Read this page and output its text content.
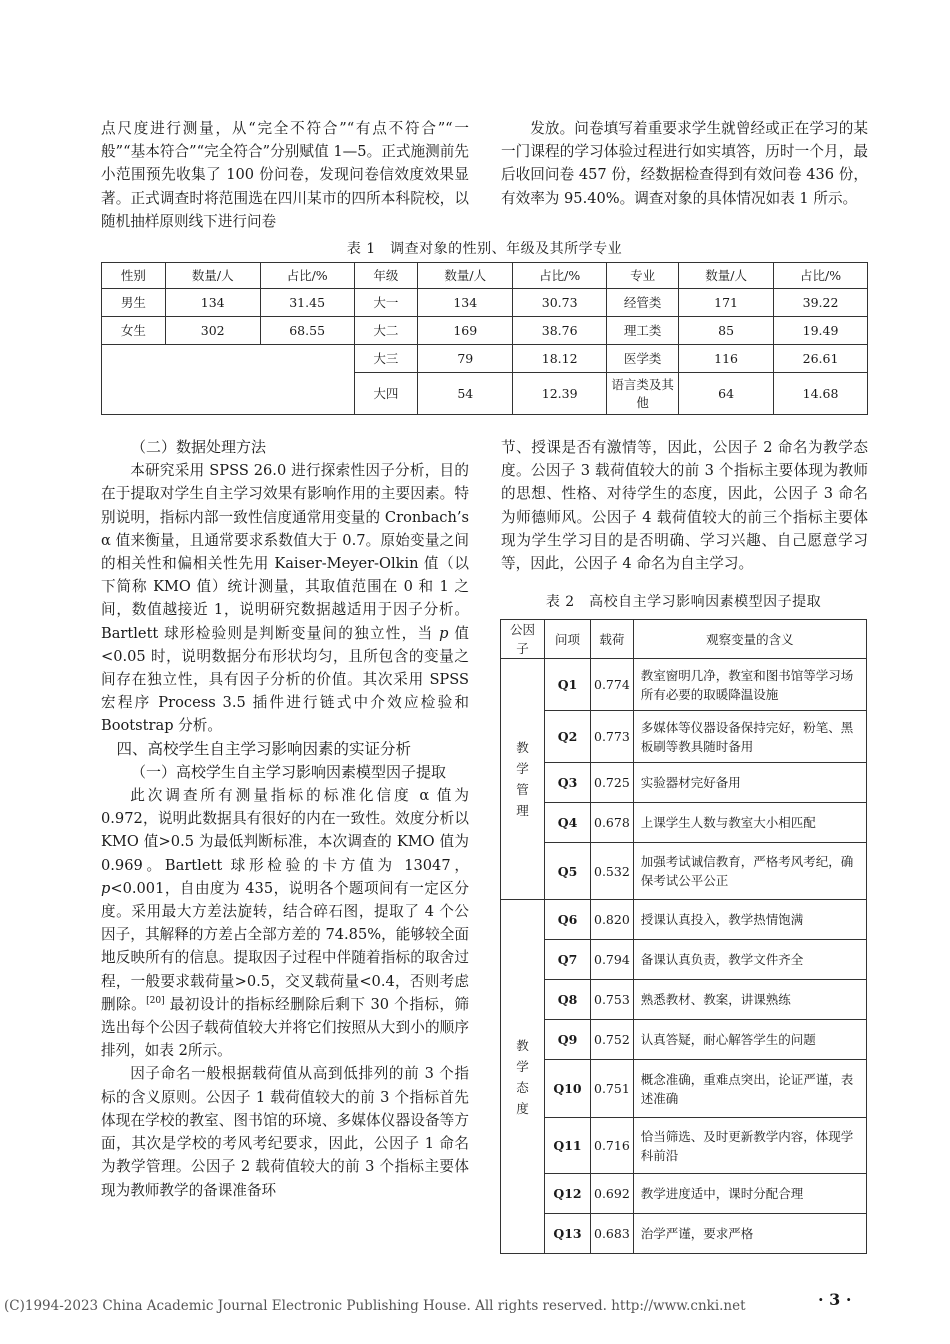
点尺度进行测量，从“完全不符合”“有点不符合”“一般”“基本符合”“完全符合”分别赋值 1—5。正式施测前先小范围预先收集了 100 份问卷，发现问卷信效度效果显著。正式调查时将范围选在四川某市的四所本科院校，以随机抽样原则线下进行问卷

发放。问卷填写着重要求学生就曾经或正在学习的某一门课程的学习体验过程进行如实填答，历时一个月，最后收回问卷 457 份，经数据检查得到有效问卷 436 份，有效率为 95.40%。调查对象的具体情况如表 1 所示。

表 1　调查对象的性别、年级及其所学专业
性别	数量/人	占比/%	年级	数量/人	占比/%	专业	数量/人	占比/%
男生	134	31.45	大一	134	30.73	经管类	171	39.22
女生	302	68.55	大二	169	38.76	理工类	85	19.49
			大三	79	18.12	医学类	116	26.61
			大四	54	12.39	语言类及其他	64	14.68

（二）数据处理方法

本研究采用 SPSS 26.0 进行探索性因子分析，目的在于提取对学生自主学习效果有影响作用的主要因素。特别说明，指标内部一致性信度通常用变量的 Cronbach’s α 值来衡量，且通常要求系数值大于 0.7。原始变量之间的相关性和偏相关性先用 Kaiser-Meyer-Olkin 值（以下简称 KMO 值）统计测量，其取值范围在 0 和 1 之间，数值越接近 1，说明研究数据越适用于因子分析。Bartlett 球形检验则是判断变量间的独立性，当 p 值<0.05 时，说明数据分布形状均匀，且所包含的变量之间存在独立性，具有因子分析的价值。其次采用 SPSS 宏程序 Process 3.5 插件进行链式中介效应检验和 Bootstrap 分析。

四、高校学生自主学习影响因素的实证分析

（一）高校学生自主学习影响因素模型因子提取

此次调查所有测量指标的标准化信度 α 值为 0.972，说明此数据具有很好的内在一致性。效度分析以 KMO 值>0.5 为最低判断标准，本次调查的 KMO 值为 0.969。Bartlett 球形检验的卡方值为 13047，p<0.001，自由度为 435，说明各个题项间有一定区分度。采用最大方差法旋转，结合碎石图，提取了 4 个公因子，其解释的方差占全部方差的 74.85%，能够较全面地反映所有的信息。提取因子过程中伴随着指标的取舍过程，一般要求载荷量>0.5，交叉载荷量<0.4，否则考虑删除。[20] 最初设计的指标经删除后剩下 30 个指标，筛选出每个公因子载荷值较大并将它们按照从大到小的顺序排列，如表 2所示。

因子命名一般根据载荷值从高到低排列的前 3 个指标的含义原则。公因子 1 载荷值较大的前 3 个指标首先体现在学校的教室、图书馆的环境、多媒体仪器设备等方面，其次是学校的考风考纪要求，因此，公因子 1 命名为教学管理。公因子 2 载荷值较大的前 3 个指标主要体现为教师教学的备课准备环

节、授课是否有激情等，因此，公因子 2 命名为教学态度。公因子 3 载荷值较大的前 3 个指标主要体现为教师的思想、性格、对待学生的态度，因此，公因子 3 命名为师德师风。公因子 4 载荷值较大的前三个指标主要体现为学生学习目的是否明确、学习兴趣、自己愿意学习等，因此，公因子 4 命名为自主学习。

表 2　高校自主学习影响因素模型因子提取
公因子	问项	载荷	观察变量的含义
教学管理	Q1	0.774	教室窗明几净，教室和图书馆等学习场所有必要的取暖降温设施
	Q2	0.773	多媒体等仪器设备保持完好，粉笔、黑板刷等教具随时备用
	Q3	0.725	实验器材完好备用
	Q4	0.678	上课学生人数与教室大小相匹配
	Q5	0.532	加强考试诚信教育，严格考风考纪，确保考试公平公正
教学态度	Q6	0.820	授课认真投入，教学热情饱满
	Q7	0.794	备课认真负责，教学文件齐全
	Q8	0.753	熟悉教材、教案，讲课熟练
	Q9	0.752	认真答疑，耐心解答学生的问题
	Q10	0.751	概念准确，重难点突出，论证严谨，表述准确
	Q11	0.716	恰当筛选、及时更新教学内容，体现学科前沿
	Q12	0.692	教学进度适中，课时分配合理
	Q13	0.683	治学严谨，要求严格
(C)1994-2023 China Academic Journal Electronic Publishing House. All rights reserved. http://www.cnki.net	· 3 ·
